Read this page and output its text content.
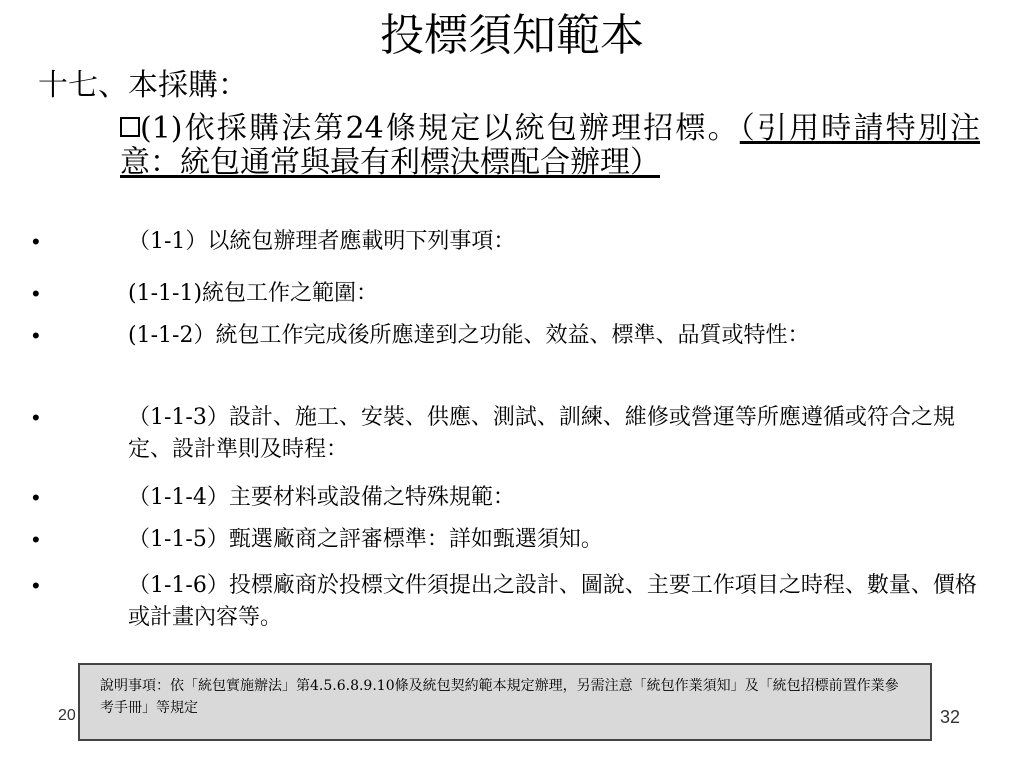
投標須知範本
十七、本採購：
(1)依採購法第24條規定以統包辦理招標。（引用時請特別注意：統包通常與最有利標決標配合辦理）
•	（1-1）以統包辦理者應載明下列事項：
•	(1-1-1)統包工作之範圍：
•	(1-1-2）統包工作完成後所應達到之功能、效益、標準、品質或特性：
•	（1-1-3）設計、施工、安裝、供應、測試、訓練、維修或營運等所應遵循或符合之規定、設計準則及時程：
•	（1-1-4）主要材料或設備之特殊規範：
•	（1-1-5）甄選廠商之評審標準：詳如甄選須知。
•	（1-1-6）投標廠商於投標文件須提出之設計、圖說、主要工作項目之時程、數量、價格或計畫內容等。
20	32
說明事項：依「統包實施辦法」第4.5.6.8.9.10條及統包契約範本規定辦理，另需注意「統包作業須知」及「統包招標前置作業參考手冊」等規定
